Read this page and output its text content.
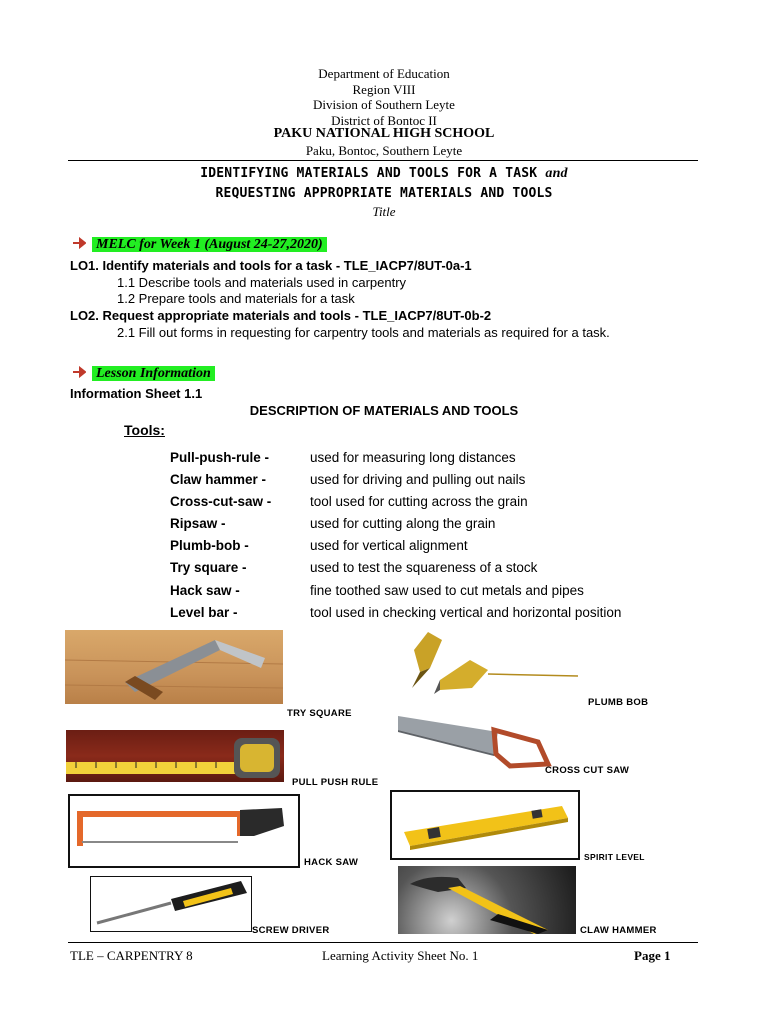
Department of Education
Region VIII
Division of Southern Leyte
District of Bontoc II
PAKU NATIONAL HIGH SCHOOL
Paku, Bontoc, Southern Leyte
IDENTIFYING MATERIALS AND TOOLS FOR A TASK and
REQUESTING APPROPRIATE MATERIALS AND TOOLS
Title
MELC for Week 1 (August 24-27,2020)
LO1. Identify materials and tools for a task - TLE_IACP7/8UT-0a-1
1.1 Describe tools and materials used in carpentry
1.2 Prepare tools and materials for a task
LO2. Request appropriate materials and tools - TLE_IACP7/8UT-0b-2
2.1 Fill out forms in requesting for carpentry tools and materials as required for a task.
Lesson Information
Information Sheet 1.1
DESCRIPTION OF MATERIALS AND TOOLS
Tools:
Pull-push-rule -	used for measuring long distances
Claw hammer -	used for driving and pulling out nails
Cross-cut-saw -	tool used for cutting across the grain
Ripsaw -	used for cutting along the grain
Plumb-bob -	used for vertical alignment
Try square -	used to test the squareness of a stock
Hack saw -	fine toothed saw used to cut metals and pipes
Level bar -	tool used in checking vertical and horizontal position
TRY SQUARE
PLUMB BOB
PULL PUSH RULE
CROSS CUT SAW
HACK SAW	SPIRIT LEVEL
SCREW DRIVER	CLAW HAMMER
TLE – CARPENTRY 8	Learning Activity Sheet No. 1	Page 1
